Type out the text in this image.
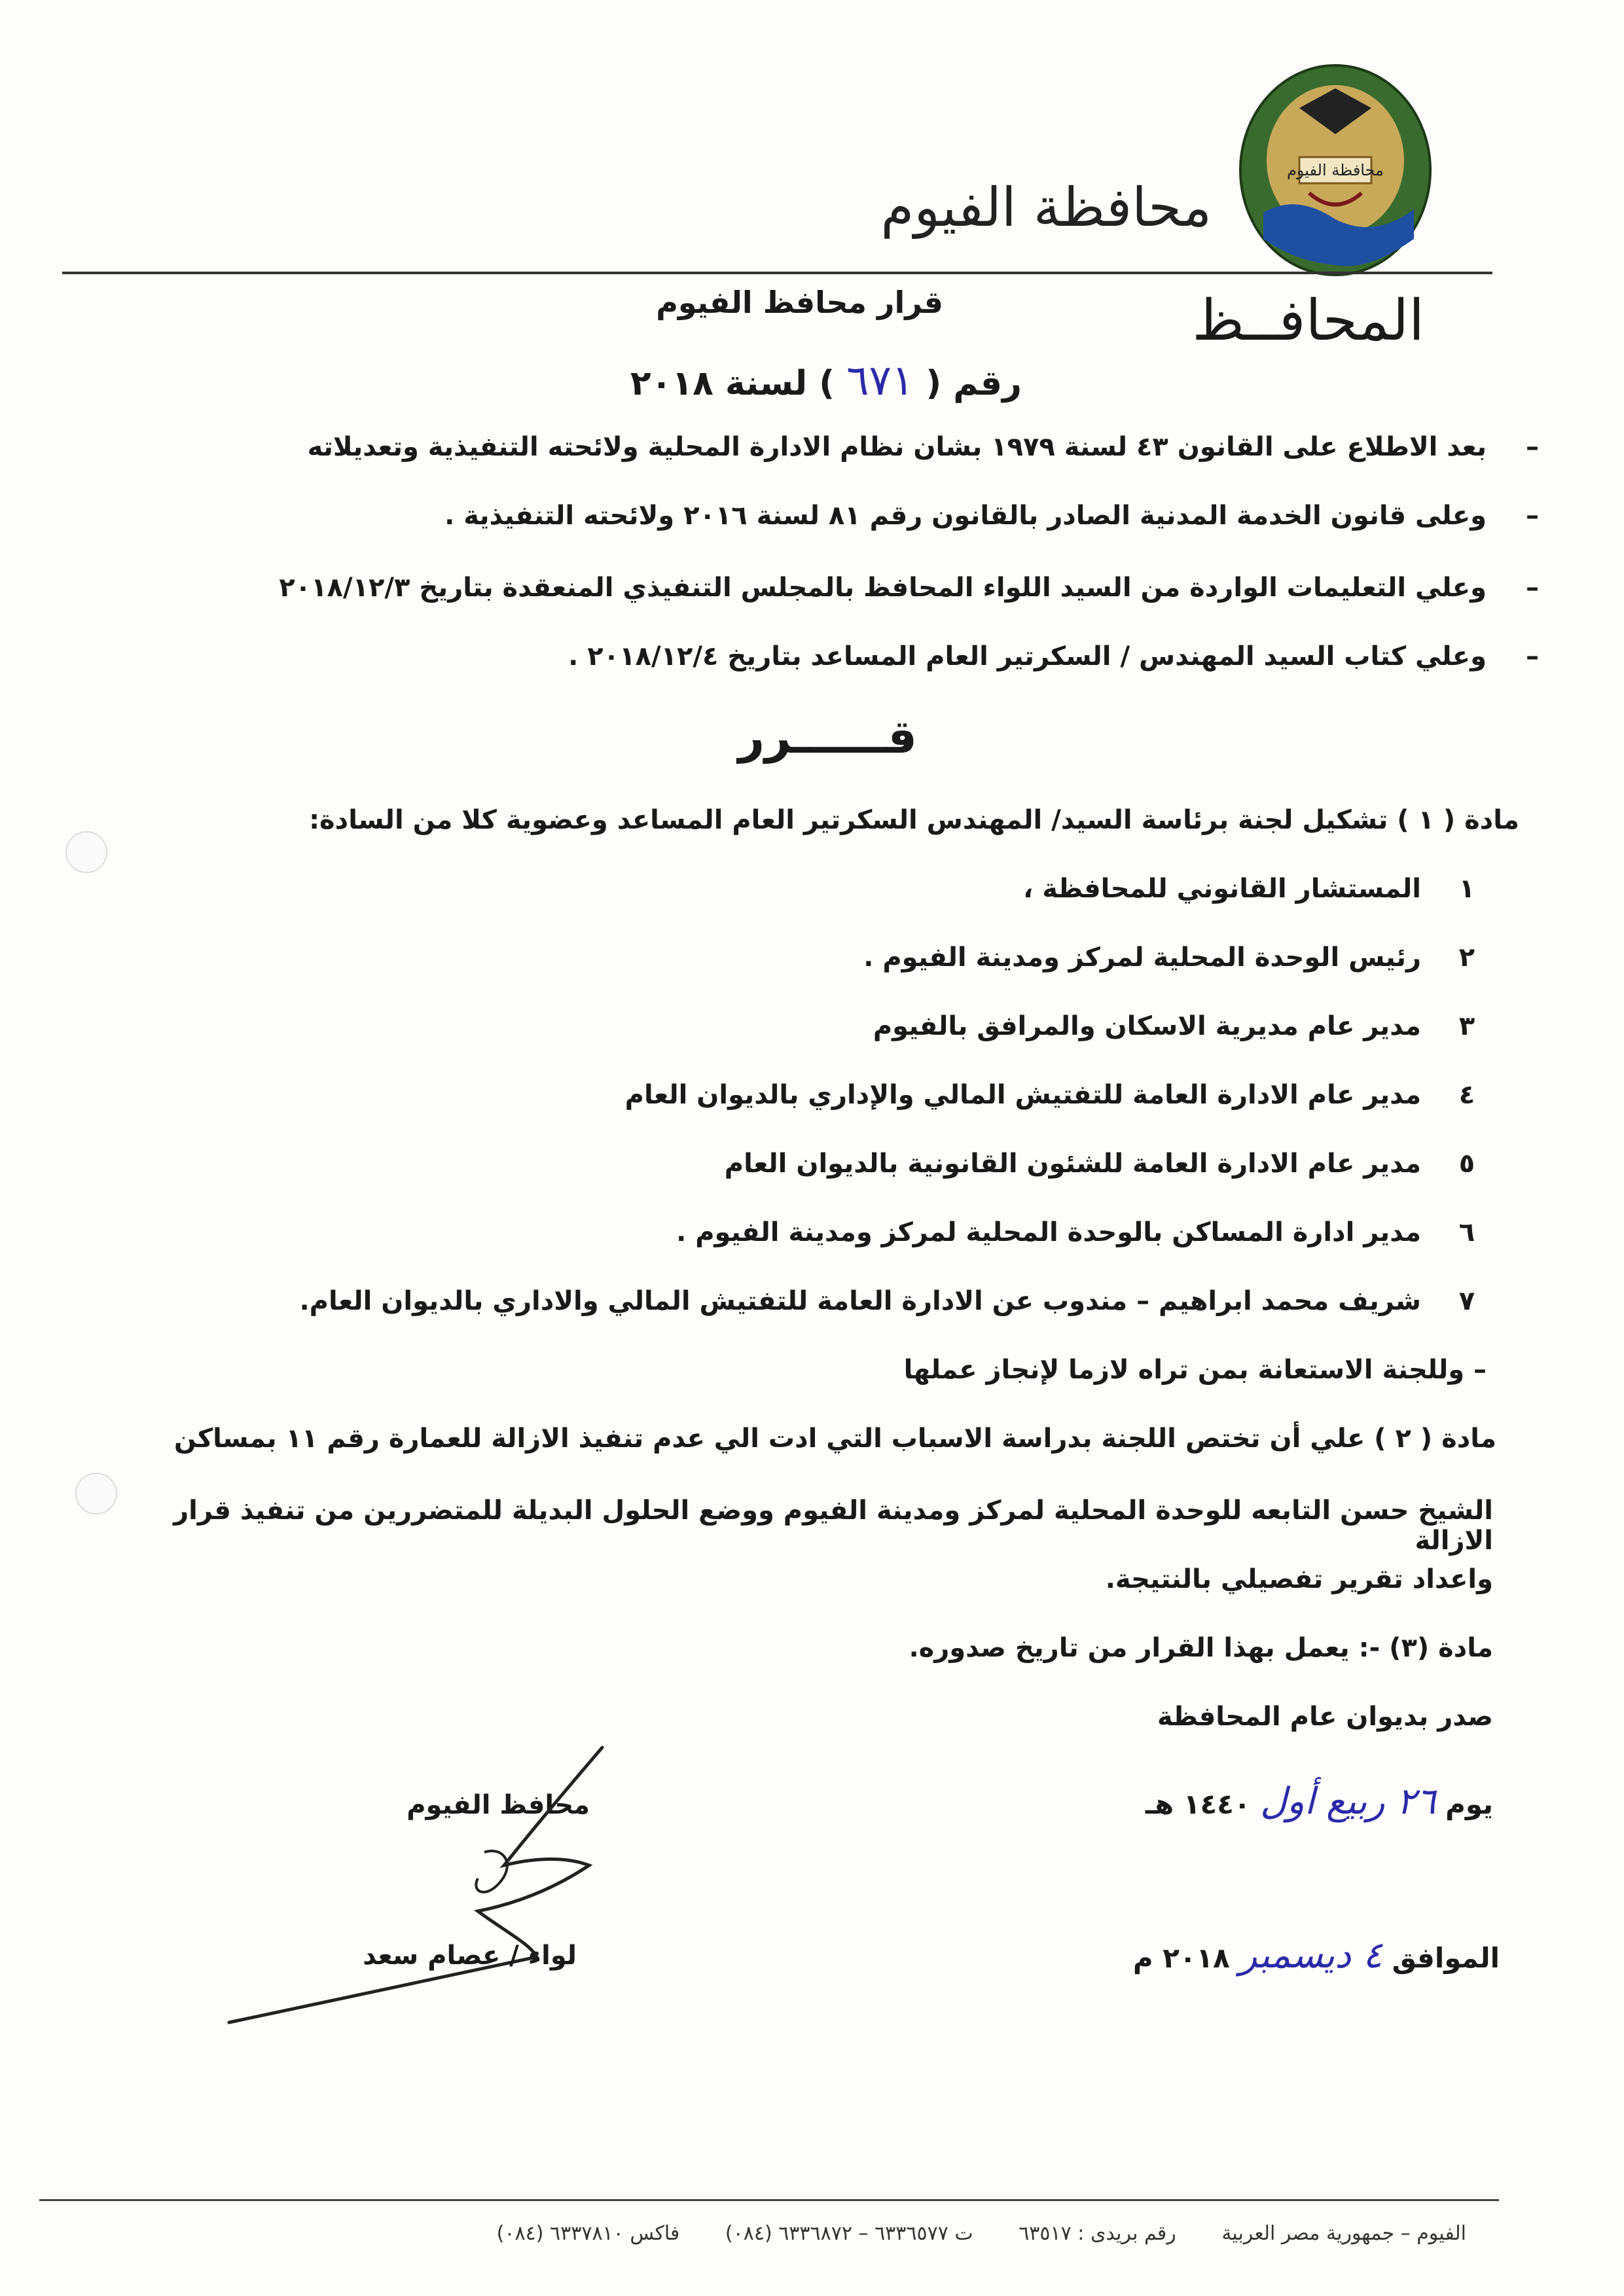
محافظة الفيوم
محافظة الفيوم
المحافــظ
قرار محافظ الفيوم
رقم ( ٦٧١ ) لسنة ٢٠١٨
–
بعد الاطلاع على القانون ٤٣ لسنة ١٩٧٩ بشان نظام الادارة المحلية ولائحته التنفيذية وتعديلاته
–
وعلى قانون الخدمة المدنية الصادر بالقانون رقم ٨١ لسنة ٢٠١٦ ولائحته التنفيذية .
–
وعلي التعليمات الواردة من السيد اللواء المحافظ بالمجلس التنفيذي المنعقدة بتاريخ ٢٠١٨/١٢/٣
–
وعلي كتاب السيد المهندس / السكرتير العام المساعد بتاريخ ٢٠١٨/١٢/٤ .
قــــــرر
مادة ( ١ ) تشكيل لجنة برئاسة السيد/ المهندس السكرتير العام المساعد وعضوية كلا من السادة:
١
المستشار القانوني للمحافظة ،
٢
رئيس الوحدة المحلية لمركز ومدينة الفيوم .
٣
مدير عام مديرية الاسكان والمرافق بالفيوم
٤
مدير عام الادارة العامة للتفتيش المالي والإداري بالديوان العام
٥
مدير عام الادارة العامة للشئون القانونية بالديوان العام
٦
مدير ادارة المساكن بالوحدة المحلية لمركز ومدينة الفيوم .
٧
شريف محمد ابراهيم – مندوب عن الادارة العامة للتفتيش المالي والاداري بالديوان العام.
– وللجنة الاستعانة بمن تراه لازما لإنجاز عملها
مادة ( ٢ ) علي أن تختص اللجنة بدراسة الاسباب التي ادت الي عدم تنفيذ الازالة للعمارة رقم ١١ بمساكن
الشيخ حسن التابعه للوحدة المحلية لمركز ومدينة الفيوم ووضع الحلول البديلة للمتضررين من تنفيذ قرار الازالة
واعداد تقرير تفصيلي بالنتيجة.
مادة (٣) -: يعمل بهذا القرار من تاريخ صدوره.
صدر بديوان عام المحافظة
محافظ الفيوم
لواء / عصام سعد
يوم ٢٦ ربيع أول ١٤٤٠ هـ
الموافق ٤ ديسمبر ٢٠١٨ م
الفيوم – جمهورية مصر العربية رقم بريدى : ٦٣٥١٧ ت ٦٣٣٦٥٧٧ – ٦٣٣٦٨٧٢ (٠٨٤) فاكس ٦٣٣٧٨١٠ (٠٨٤)
